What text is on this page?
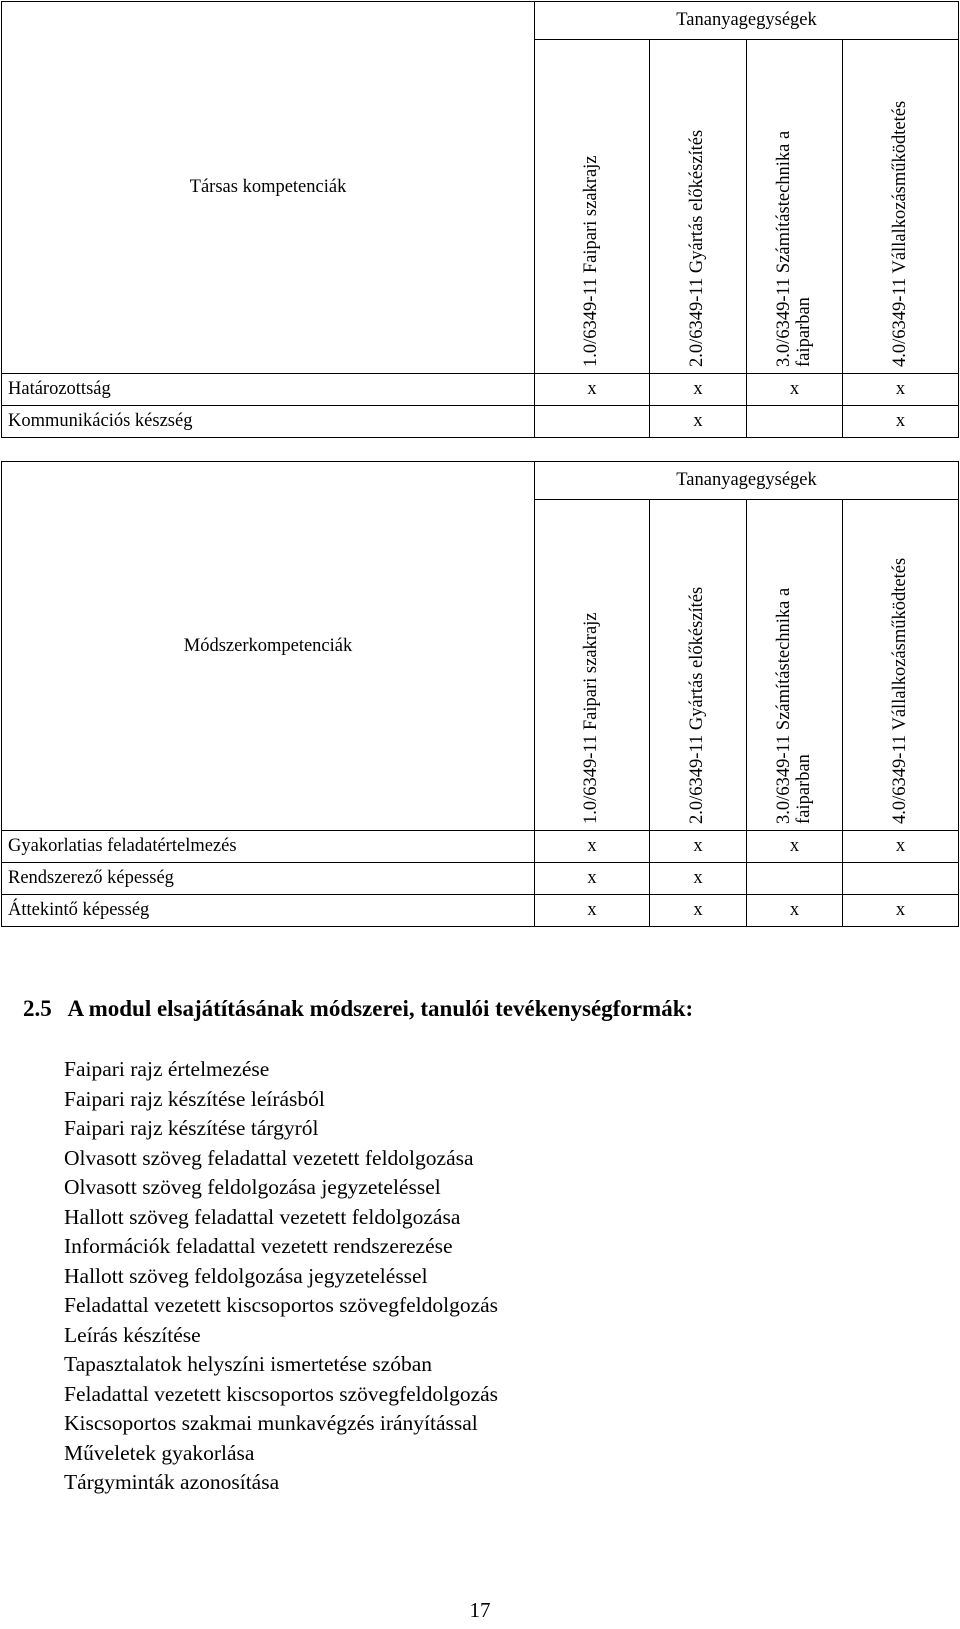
Társas kompetenciák	Tananyagegységek			

	1.0/6349-11 Faipari szakrajz	2.0/6349-11 Gyártás előkészítés	3.0/6349-11 Számítástechnika a faiparban	4.0/6349-11 Vállalkozásműködtetés

Határozottság	x	x	x	x
Kommunikációs készség		x		x
Módszerkompetenciák	Tananyagegységek			

	1.0/6349-11 Faipari szakrajz	2.0/6349-11 Gyártás előkészítés	3.0/6349-11 Számítástechnika a faiparban	4.0/6349-11 Vállalkozásműködtetés

Gyakorlatias feladatértelmezés	x	x	x	x
Rendszerező képesség	x	x		
Áttekintő képesség	x	x	x	x
2.5 A modul elsajátításának módszerei, tanulói tevékenységformák:
Faipari rajz értelmezése
Faipari rajz készítése leírásból
Faipari rajz készítése tárgyról
Olvasott szöveg feladattal vezetett feldolgozása
Olvasott szöveg feldolgozása jegyzeteléssel
Hallott szöveg feladattal vezetett feldolgozása
Információk feladattal vezetett rendszerezése
Hallott szöveg feldolgozása jegyzeteléssel
Feladattal vezetett kiscsoportos szövegfeldolgozás
Leírás készítése
Tapasztalatok helyszíni ismertetése szóban
Feladattal vezetett kiscsoportos szövegfeldolgozás
Kiscsoportos szakmai munkavégzés irányítással
Műveletek gyakorlása
Tárgyminták azonosítása
17
